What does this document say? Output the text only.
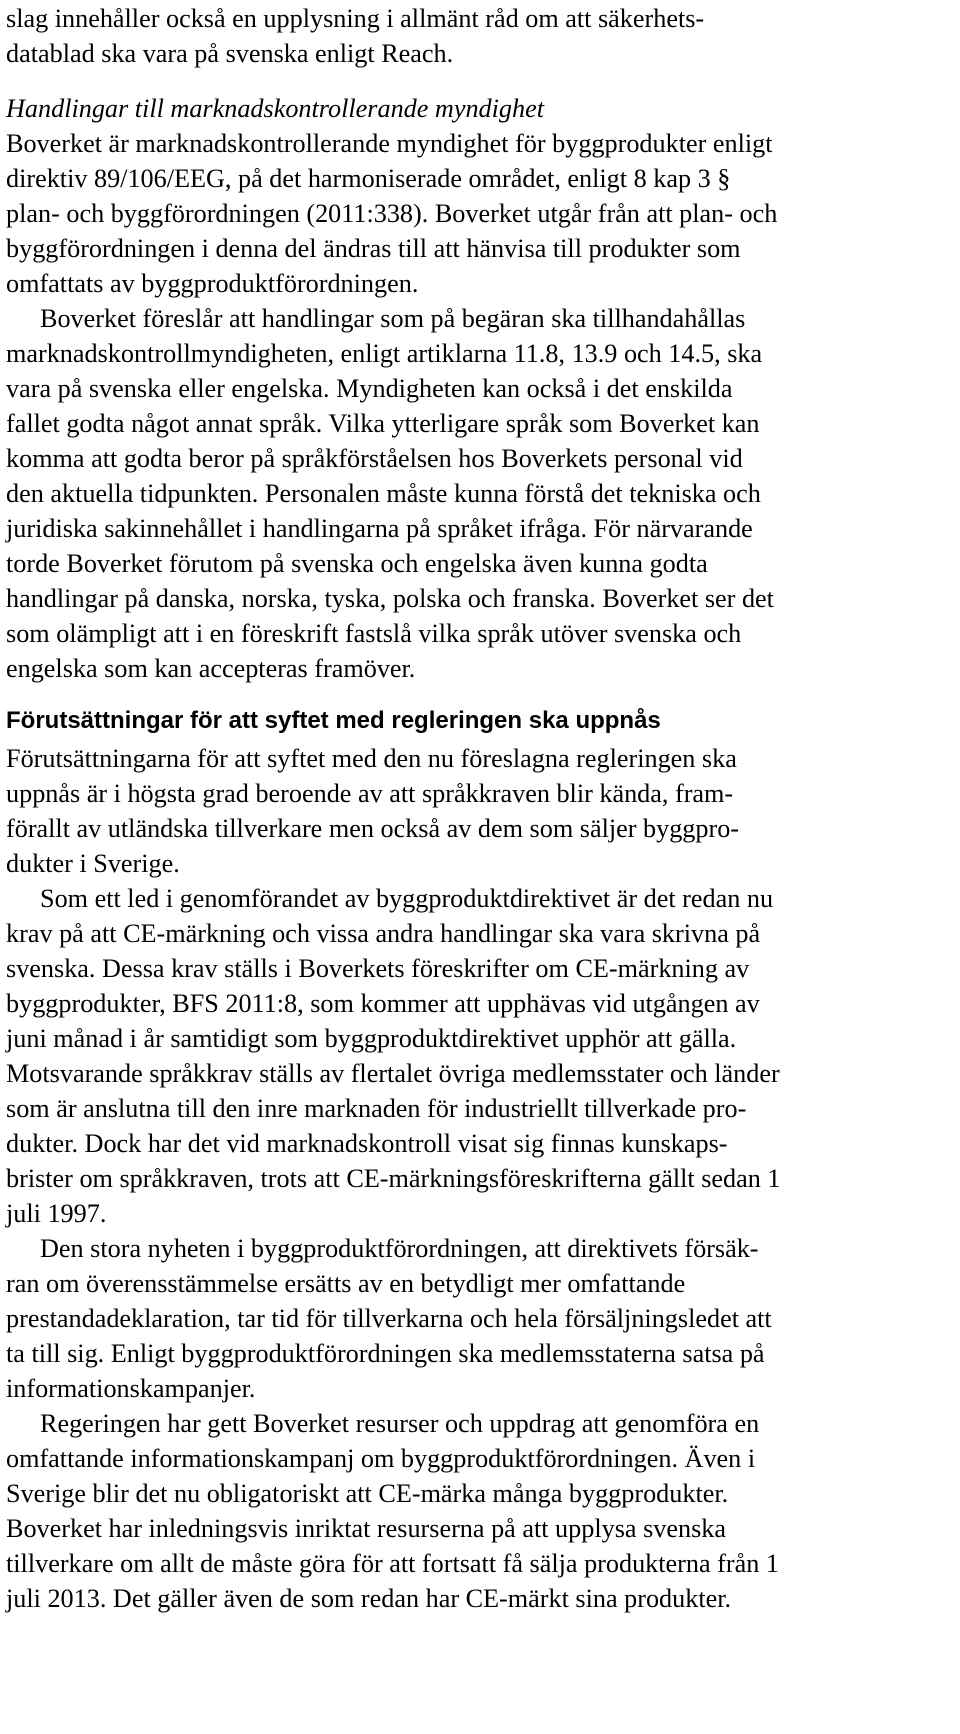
slag innehåller också en upplysning i allmänt råd om att säkerhets-
datablad ska vara på svenska enligt Reach.
Handlingar till marknadskontrollerande myndighet
Boverket är marknadskontrollerande myndighet för byggprodukter enligt
direktiv 89/106/EEG, på det harmoniserade området, enligt 8 kap 3 §
plan- och byggförordningen (2011:338). Boverket utgår från att plan- och
byggförordningen i denna del ändras till att hänvisa till produkter som
omfattats av byggproduktförordningen.
Boverket föreslår att handlingar som på begäran ska tillhandahållas
marknadskontrollmyndigheten, enligt artiklarna 11.8, 13.9 och 14.5, ska
vara på svenska eller engelska. Myndigheten kan också i det enskilda
fallet godta något annat språk. Vilka ytterligare språk som Boverket kan
komma att godta beror på språkförståelsen hos Boverkets personal vid
den aktuella tidpunkten. Personalen måste kunna förstå det tekniska och
juridiska sakinnehållet i handlingarna på språket ifråga. För närvarande
torde Boverket förutom på svenska och engelska även kunna godta
handlingar på danska, norska, tyska, polska och franska. Boverket ser det
som olämpligt att i en föreskrift fastslå vilka språk utöver svenska och
engelska som kan accepteras framöver.
Förutsättningar för att syftet med regleringen ska uppnås
Förutsättningarna för att syftet med den nu föreslagna regleringen ska
uppnås är i högsta grad beroende av att språkkraven blir kända, fram-
förallt av utländska tillverkare men också av dem som säljer byggpro-
dukter i Sverige.
Som ett led i genomförandet av byggproduktdirektivet är det redan nu
krav på att CE-märkning och vissa andra handlingar ska vara skrivna på
svenska. Dessa krav ställs i Boverkets föreskrifter om CE-märkning av
byggprodukter, BFS 2011:8, som kommer att upphävas vid utgången av
juni månad i år samtidigt som byggproduktdirektivet upphör att gälla.
Motsvarande språkkrav ställs av flertalet övriga medlemsstater och länder
som är anslutna till den inre marknaden för industriellt tillverkade pro-
dukter. Dock har det vid marknadskontroll visat sig finnas kunskaps-
brister om språkkraven, trots att CE-märkningsföreskrifterna gällt sedan 1
juli 1997.
Den stora nyheten i byggproduktförordningen, att direktivets försäk-
ran om överensstämmelse ersätts av en betydligt mer omfattande
prestandadeklaration, tar tid för tillverkarna och hela försäljningsledet att
ta till sig. Enligt byggproduktförordningen ska medlemsstaterna satsa på
informationskampanjer.
Regeringen har gett Boverket resurser och uppdrag att genomföra en
omfattande informationskampanj om byggproduktförordningen. Även i
Sverige blir det nu obligatoriskt att CE-märka många byggprodukter.
Boverket har inledningsvis inriktat resurserna på att upplysa svenska
tillverkare om allt de måste göra för att fortsatt få sälja produkterna från 1
juli 2013. Det gäller även de som redan har CE-märkt sina produkter.
